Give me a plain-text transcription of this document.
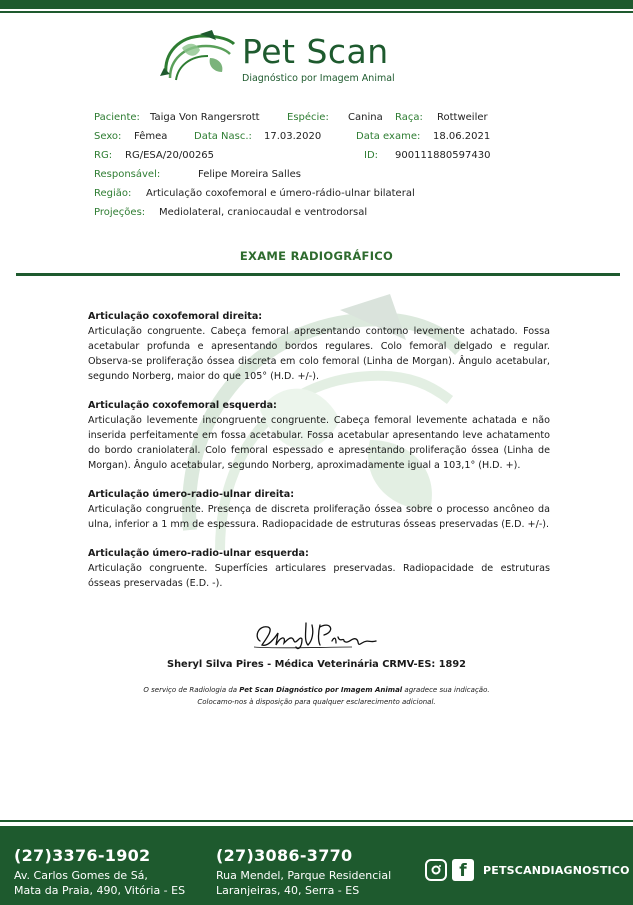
Pet Scan
Diagnóstico por Imagem Animal
Paciente: Taiga Von Rangersrott	Espécie: Canina Raça: Rottweiler
Sexo: Fêmea	Data Nasc.: 17.03.2020	Data exame: 18.06.2021
RG: RG/ESA/20/00265	ID: 900111880597430
Responsável:	Felipe Moreira Salles
Região: Articulação coxofemoral e úmero-rádio-ulnar bilateral
Projeções: Mediolateral, craniocaudal e ventrodorsal
EXAME RADIOGRÁFICO
Articulação coxofemoral direita:
Articulação congruente. Cabeça femoral apresentando contorno levemente achatado. Fossa acetabular profunda e apresentando bordos regulares. Colo femoral delgado e regular. Observa-se proliferação óssea discreta em colo femoral (Linha de Morgan). Ângulo acetabular, segundo Norberg, maior do que 105° (H.D. +/-).
Articulação coxofemoral esquerda:
Articulação levemente incongruente congruente. Cabeça femoral levemente achatada e não inserida perfeitamente em fossa acetabular. Fossa acetabular apresentando leve achatamento do bordo craniolateral. Colo femoral espessado e apresentando proliferação óssea (Linha de Morgan). Ângulo acetabular, segundo Norberg, aproximadamente igual a 103,1° (H.D. +).
Articulação úmero-radio-ulnar direita:
Articulação congruente. Presença de discreta proliferação óssea sobre o processo ancôneo da ulna, inferior a 1 mm de espessura. Radiopacidade de estruturas ósseas preservadas (E.D. +/-).
Articulação úmero-radio-ulnar esquerda:
Articulação congruente. Superfícies articulares preservadas. Radiopacidade de estruturas ósseas preservadas (E.D. -).
Sheryl Silva Pires - Médica Veterinária CRMV-ES: 1892
O serviço de Radiologia da Pet Scan Diagnóstico por Imagem Animal agradece sua indicação.
Colocamo-nos à disposição para qualquer esclarecimento adicional.
(27)3376-1902
Av. Carlos Gomes de Sá,
Mata da Praia, 490, Vitória - ES
(27)3086-3770
Rua Mendel, Parque Residencial
Laranjeiras, 40, Serra - ES
f	PETSCANDIAGNOSTICO
